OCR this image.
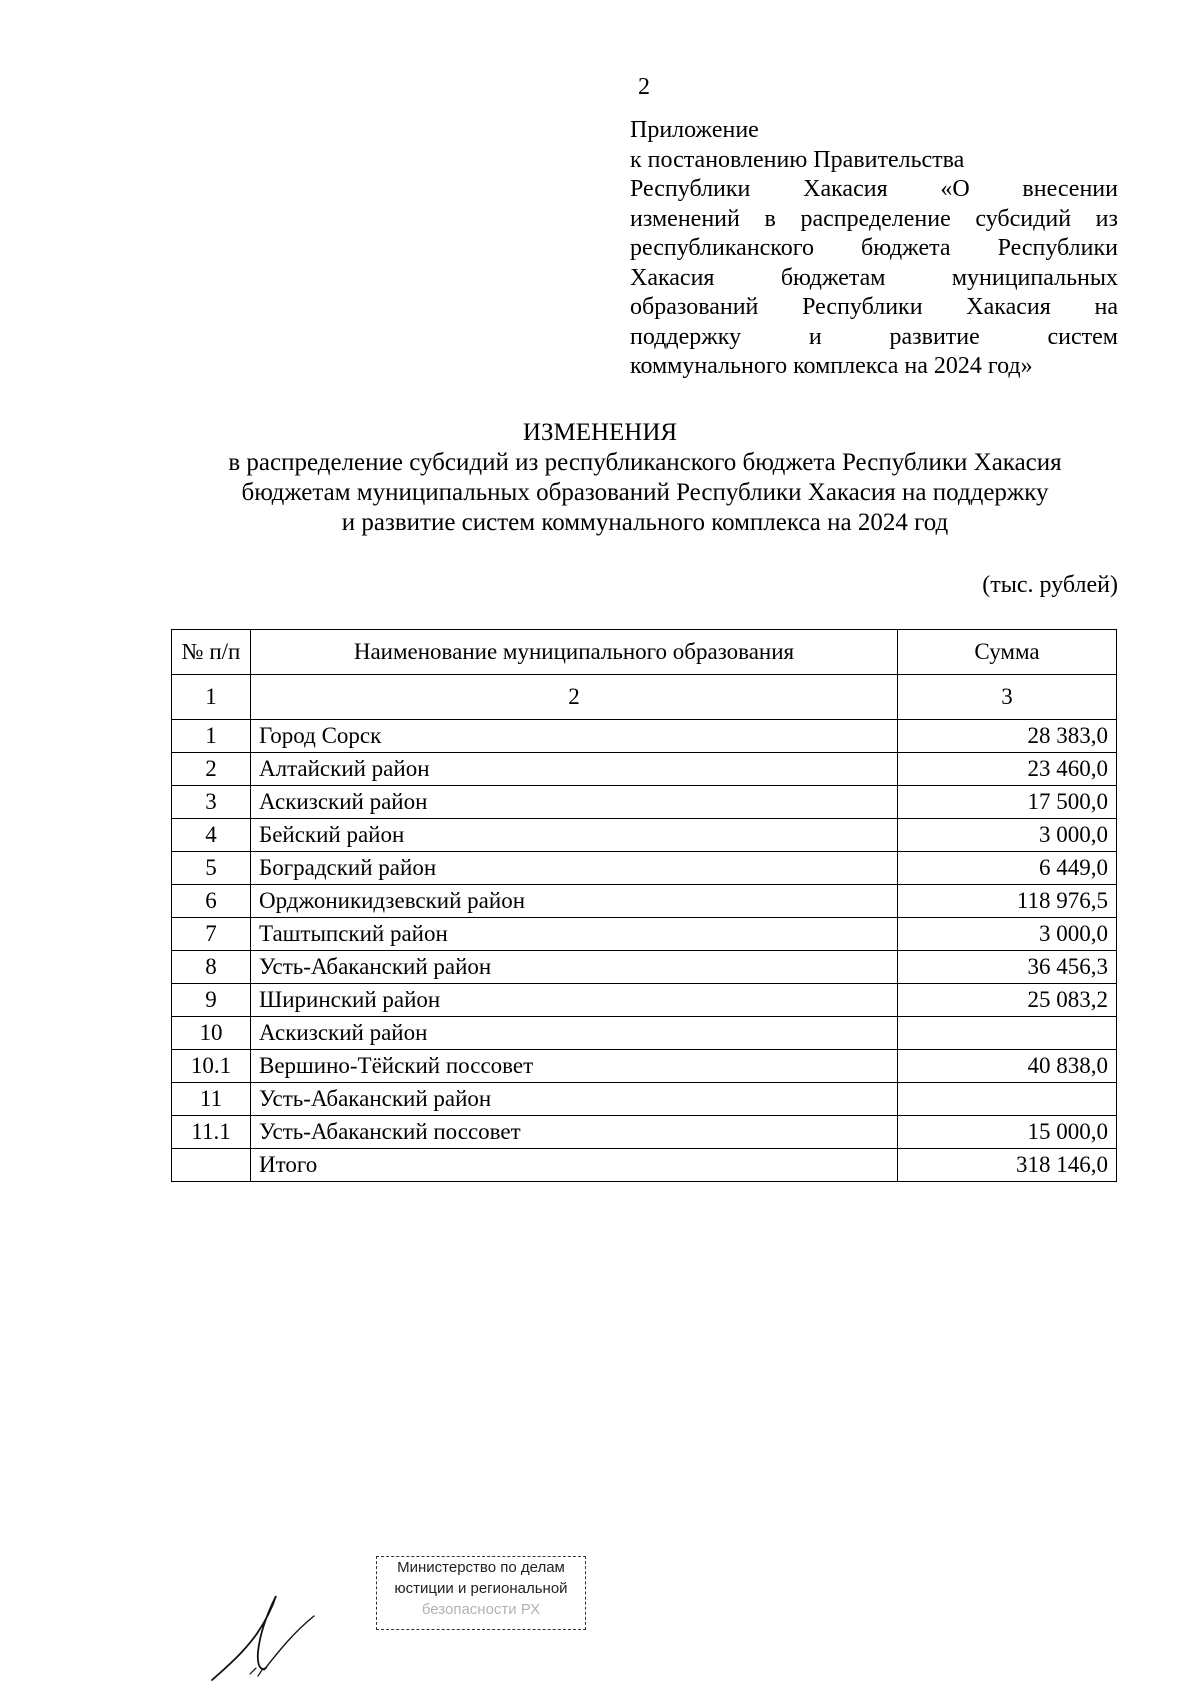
2
Приложение
к постановлению Правительства
Республики Хакасия «О внесении
изменений в распределение субсидий из
республиканского бюджета Республики
Хакасия бюджетам муниципальных
образований Республики Хакасия на
поддержку и развитие систем
коммунального комплекса на 2024 год»
ИЗМЕНЕНИЯ
в распределение субсидий из республиканского бюджета Республики Хакасия
бюджетам муниципальных образований Республики Хакасия на поддержку
и развитие систем коммунального комплекса на 2024 год
(тыс. рублей)
№ п/п	Наименование муниципального образования	Сумма
1	2	3
1	Город Сорск	28 383,0
2	Алтайский район	23 460,0
3	Аскизский район	17 500,0
4	Бейский район	3 000,0
5	Боградский район	6 449,0
6	Орджоникидзевский район	118 976,5
7	Таштыпский район	3 000,0
8	Усть-Абаканский район	36 456,3
9	Ширинский район	25 083,2
10	Аскизский район	
10.1	Вершино-Тёйский поссовет	40 838,0
11	Усть-Абаканский район	
11.1	Усть-Абаканский поссовет	15 000,0
	Итого	318 146,0
Министерство по делам
юстиции и региональной
безопасности РХ
